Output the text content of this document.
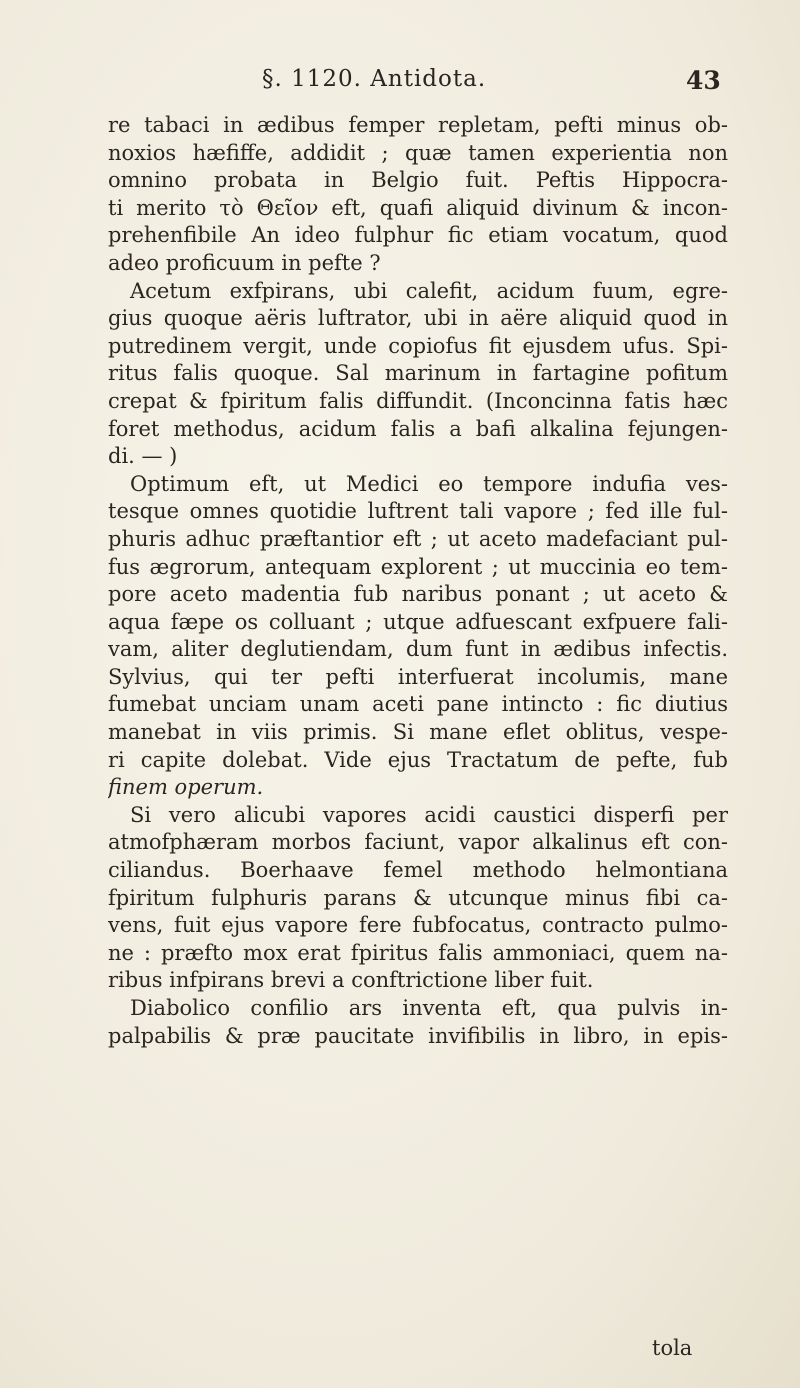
§. 1120. Antidota.	43
re tabaci in ædibus femper repletam, pefti minus ob-
noxios hæfiffe, addidit ; quæ tamen experientia non
omnino probata in Belgio fuit. Peftis Hippocra-
ti merito τὸ Θεῖον eft, quafi aliquid divinum & incon-
prehenfibile An ideo fulphur fic etiam vocatum, quod
adeo proficuum in pefte ?
Acetum exfpirans, ubi calefit, acidum fuum, egre-
gius quoque aëris luftrator, ubi in aëre aliquid quod in
putredinem vergit, unde copiofus fit ejusdem ufus. Spi-
ritus falis quoque. Sal marinum in fartagine pofitum
crepat & fpiritum falis diffundit. (Inconcinna fatis hæc
foret methodus, acidum falis a bafi alkalina fejungen-
di. — )
Optimum eft, ut Medici eo tempore indufia ves-
tesque omnes quotidie luftrent tali vapore ; fed ille ful-
phuris adhuc præftantior eft ; ut aceto madefaciant pul-
fus ægrorum, antequam explorent ; ut muccinia eo tem-
pore aceto madentia fub naribus ponant ; ut aceto &
aqua fæpe os colluant ; utque adfuescant exfpuere fali-
vam, aliter deglutiendam, dum funt in ædibus infectis.
Sylvius, qui ter pefti interfuerat incolumis, mane
fumebat unciam unam aceti pane intincto : fic diutius
manebat in viis primis. Si mane eflet oblitus, vespe-
ri capite dolebat. Vide ejus Tractatum de pefte, fub
finem operum.
Si vero alicubi vapores acidi caustici disperfi per
atmofphæram morbos faciunt, vapor alkalinus eft con-
ciliandus. Boerhaave femel methodo helmontiana
fpiritum fulphuris parans & utcunque minus fibi ca-
vens, fuit ejus vapore fere fubfocatus, contracto pulmo-
ne : præfto mox erat fpiritus falis ammoniaci, quem na-
ribus infpirans brevi a conftrictione liber fuit.
Diabolico confilio ars inventa eft, qua pulvis in-
palpabilis & præ paucitate invifibilis in libro, in epis-
tola
